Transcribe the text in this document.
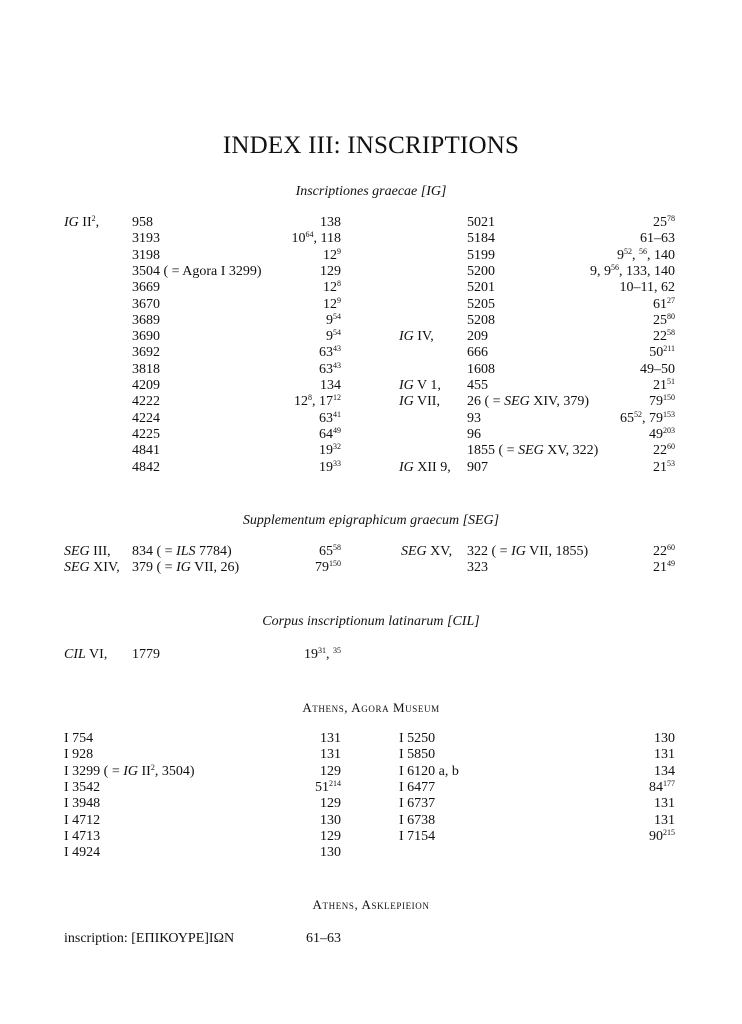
INDEX III: INSCRIPTIONS
Inscriptiones graecae [IG]
IG $II^2$, 958	138
3193	$10^{64}$, 118
3198	$12^9$
3504 ( = Agora I 3299)	129
3669	$12^8$
3670	$12^9$
3689	$9^{54}$
3690	$9^{54}$
3692	$63^{43}$
3818	$63^{43}$
4209	134
4222	$12^8$, $17^{12}$
4224	$63^{41}$
4225	$64^{49}$
4841	$19^{32}$
4842	$19^{33}$
5021	$25^{78}$
5184	61–63
5199	$9^{52}$, $^{56}$, 140
5200	9, $9^{56}$, 133, 140
5201	10–11, 62
5205	$61^{27}$
5208	$25^{80}$
IG IV, 209	$22^{58}$
666	$50^{211}$
1608	49–50
IG V 1, 455	$21^{51}$
IG VII, 26 ( = SEG XIV, 379)	$79^{150}$
93	$65^{52}$, $79^{153}$
96	$49^{203}$
1855 ( = SEG XV, 322)	$22^{60}$
IG XII 9, 907	$21^{53}$
Supplementum epigraphicum graecum [SEG]
SEG III, 834 ( = ILS 7784)	$65^{58}$
SEG XIV, 379 ( = IG VII, 26)	$79^{150}$
SEG XV, 322 ( = IG VII, 1855)	$22^{60}$
323	$21^{49}$
Corpus inscriptionum latinarum [CIL]
CIL VI, 1779	$19^{31}$, $^{35}$
Athens, Agora Museum
I 754	131
I 928	131
I 3299 ( = IG $II^2$, 3504)	129
I 3542	$51^{214}$
I 3948	129
I 4712	130
I 4713	129
I 4924	130
I 5250	130
I 5850	131
I 6120 a, b	134
I 6477	$84^{177}$
I 6737	131
I 6738	131
I 7154	$90^{215}$
Athens, Asklepieion
inscription: [ΕΠΙΚΟΥΡΕ]ΙΩΝ	61–63
